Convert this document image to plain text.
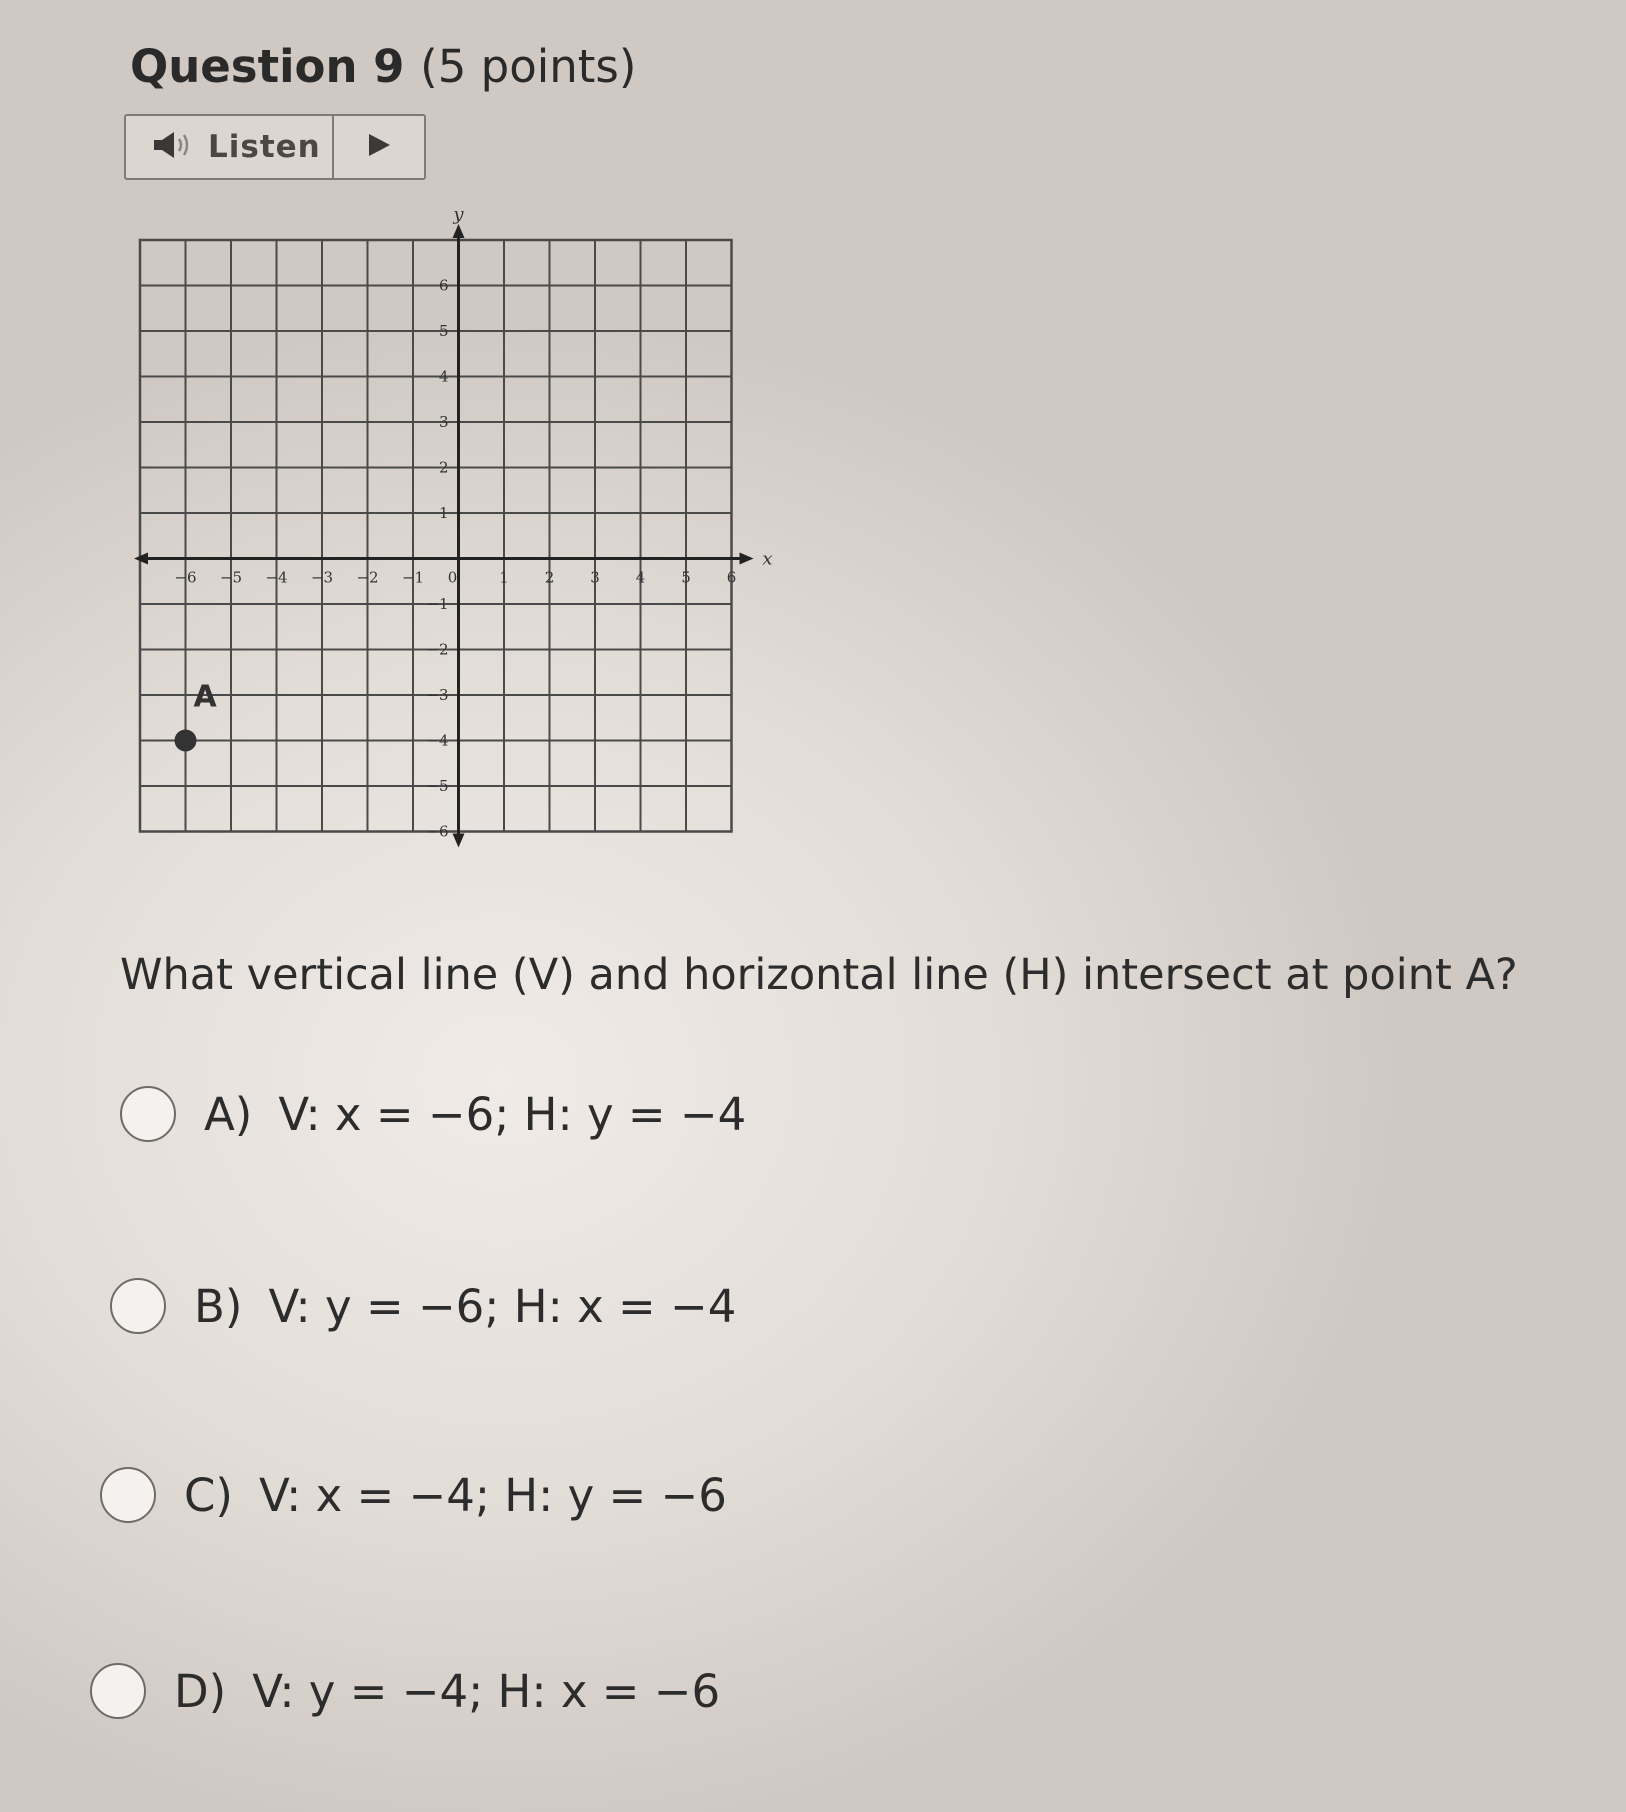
Question 9 (5 points)
Listen
x
y
−6 −5 −4 −3 −2 −1 0	1 2 3 4 5 6
−6
−5
−4
−3
−2
−1
1
2
3
4
5
6
A
What vertical line (V) and horizontal line (H) intersect at point A?
A) V: x = −6; H: y = −4
B) V: y = −6; H: x = −4
C) V: x = −4; H: y = −6
D) V: y = −4; H: x = −6
